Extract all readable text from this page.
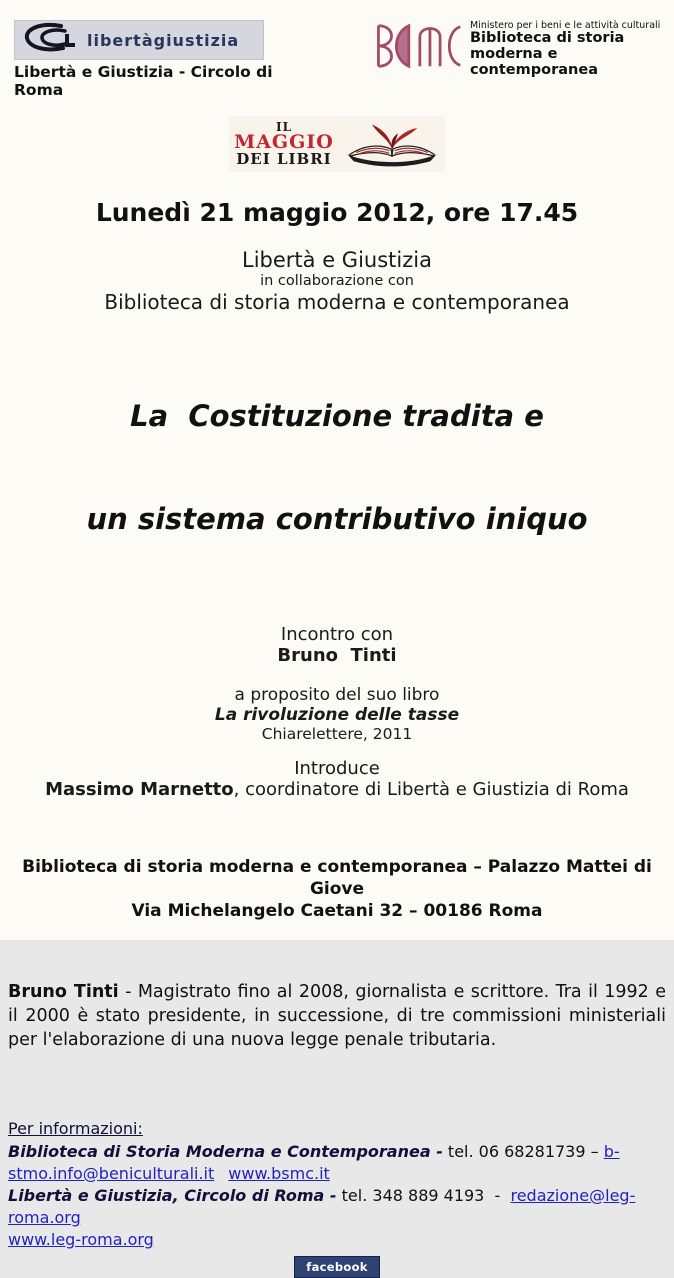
libertàgiustizia
Libertà e Giustizia - Circolo di Roma
Ministero per i beni e le attività culturali
Biblioteca di storia
moderna e contemporanea
IL
MAGGIO
DEI LIBRI
Lunedì 21 maggio 2012, ore 17.45
Libertà e Giustizia
in collaborazione con
Biblioteca di storia moderna e contemporanea

La  Costituzione tradita e

un sistema contributivo iniquo

Incontro con
Bruno  Tinti
a proposito del suo libro
La rivoluzione delle tasse
Chiarelettere, 2011
Introduce
Massimo Marnetto, coordinatore di Libertà e Giustizia di Roma
Biblioteca di storia moderna e contemporanea – Palazzo Mattei di Giove
Via Michelangelo Caetani 32 – 00186 Roma
Bruno Tinti - Magistrato fino al 2008, giornalista e scrittore. Tra il 1992 e il 2000 è stato presidente, in successione, di tre commissioni ministeriali per l'elaborazione di una nuova legge penale tributaria.
Per informazioni:
Biblioteca di Storia Moderna e Contemporanea - tel. 06 68281739 – b-
stmo.info@beniculturali.it www.bsmc.it
Libertà e Giustizia, Circolo di Roma - tel. 348 889 4193  -  redazione@leg-roma.org
www.leg-roma.org
facebook
